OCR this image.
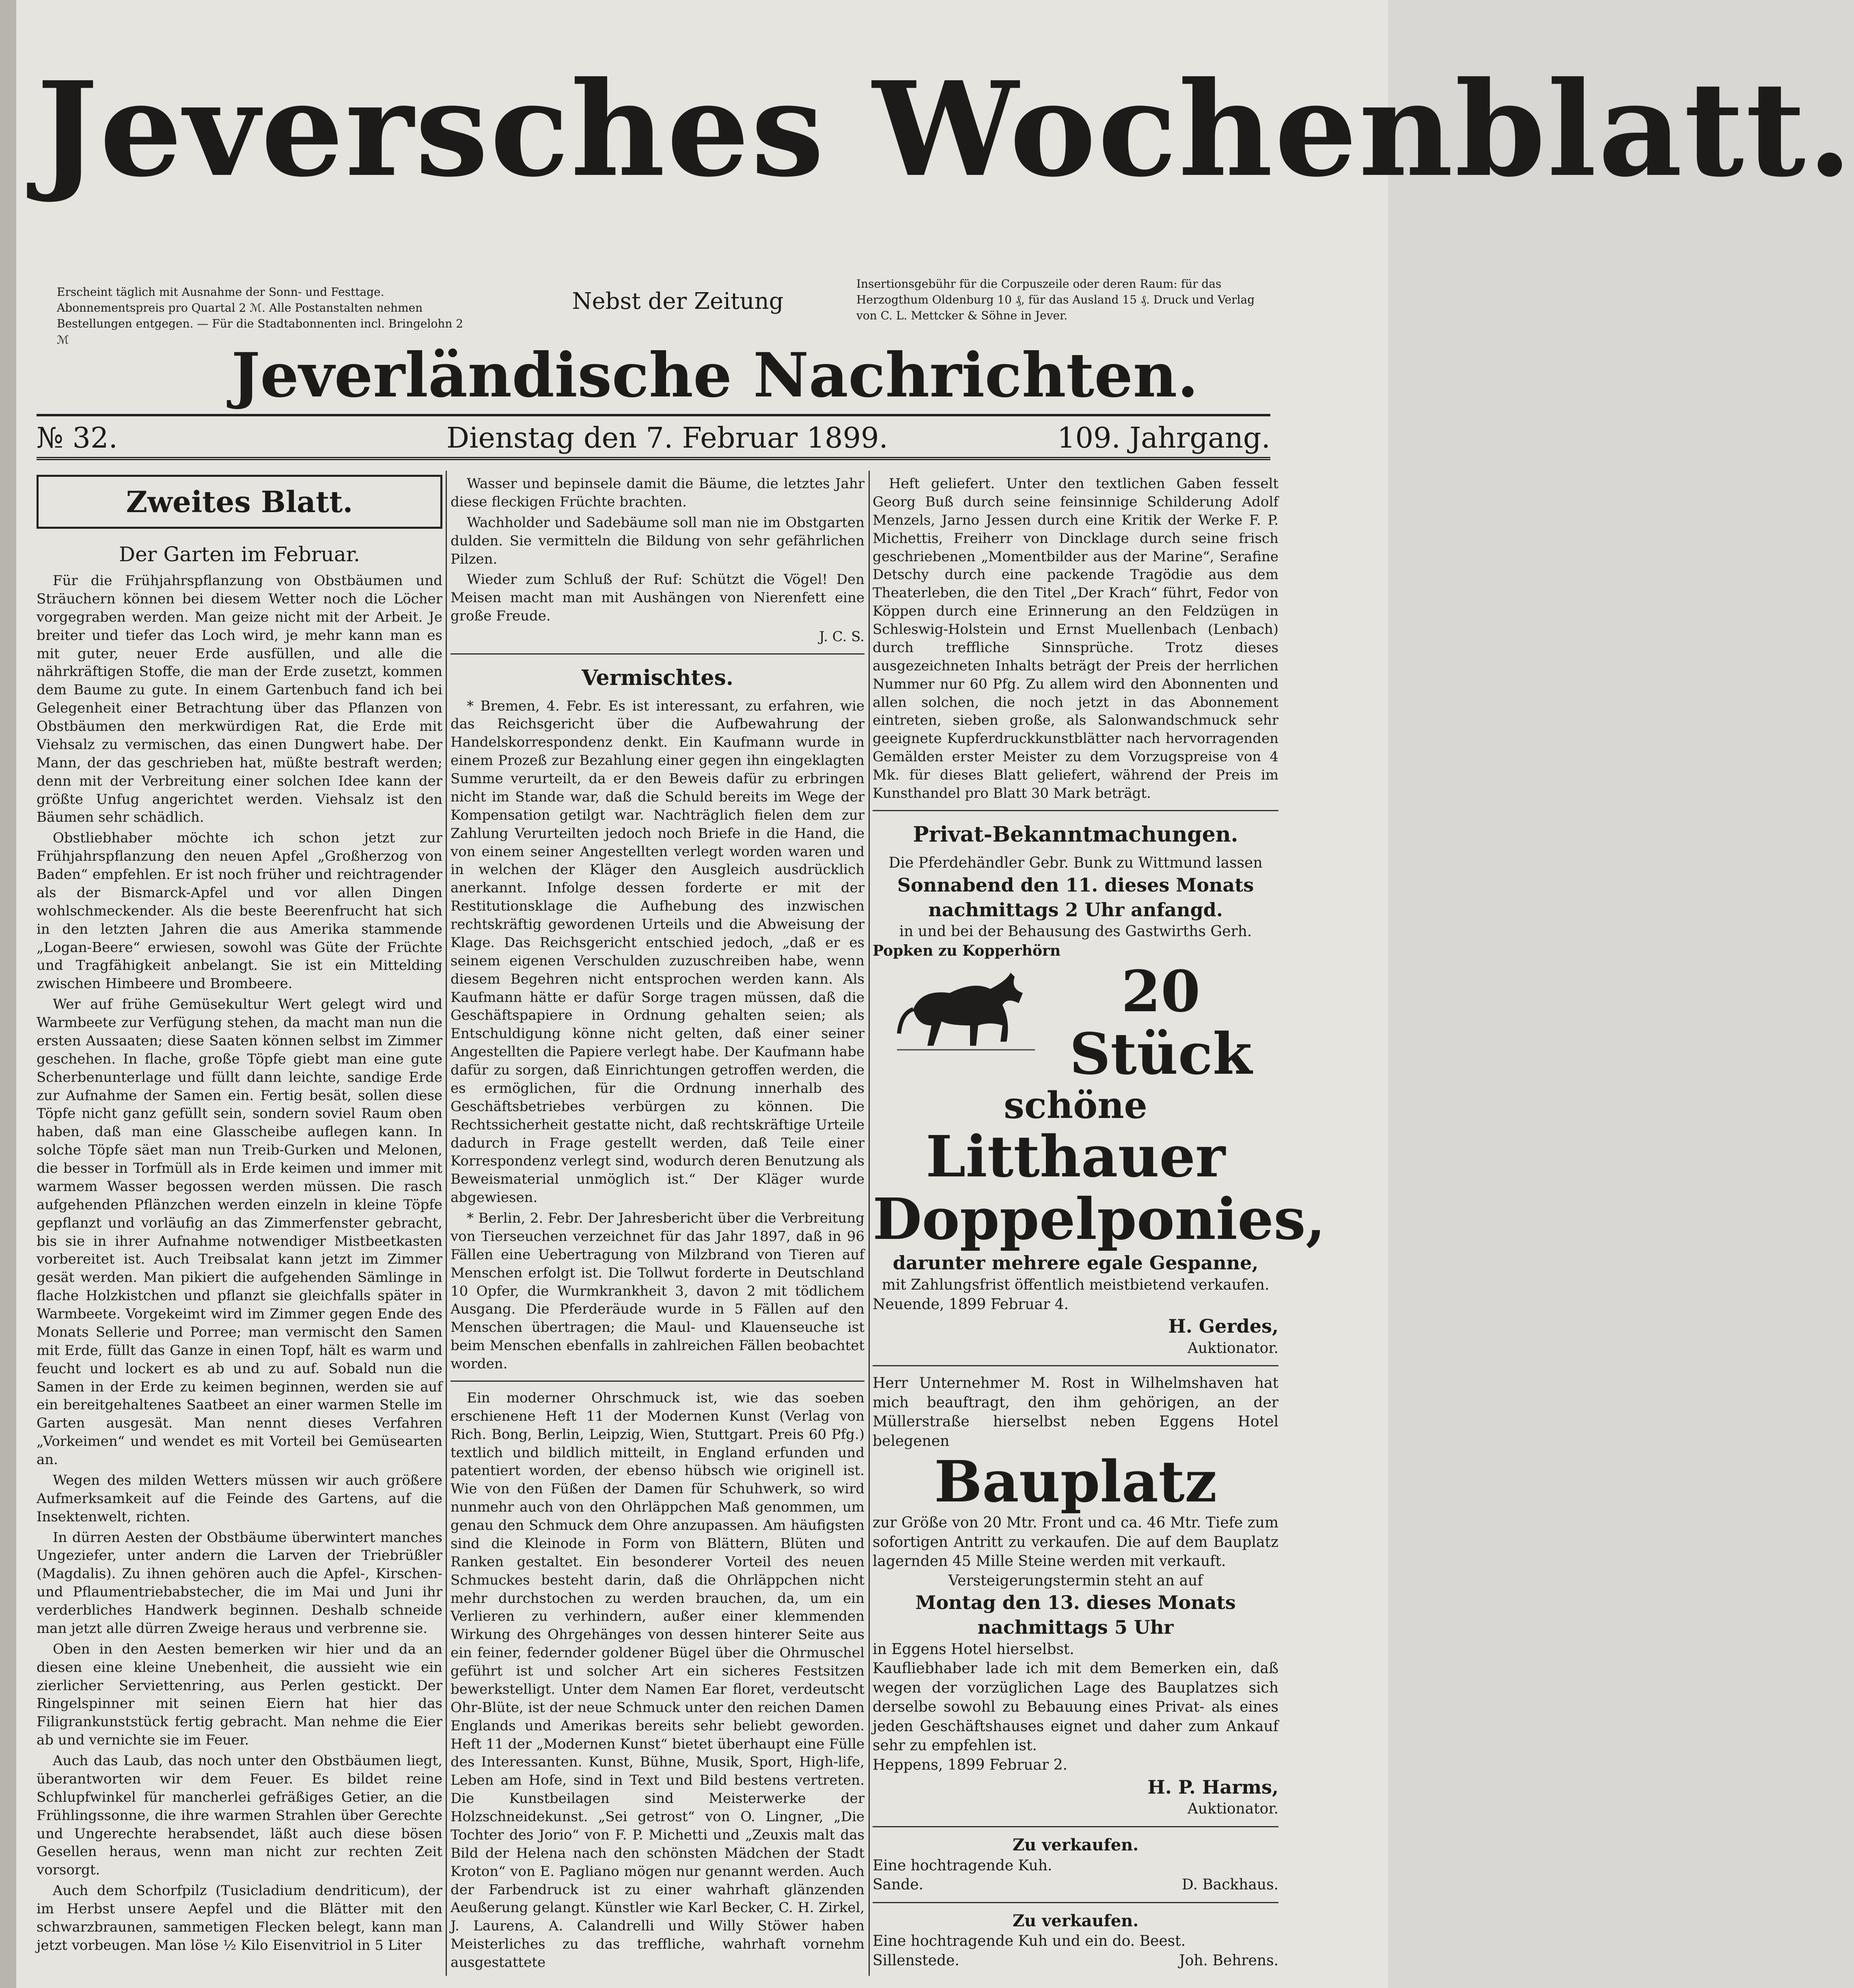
Jeversches Wochenblatt.
Erscheint täglich mit Ausnahme der Sonn- und Festtage. Abonnementspreis pro Quartal 2 ℳ. Alle Postanstalten nehmen Bestellungen entgegen. — Für die Stadtabonnenten incl. Bringelohn 2 ℳ
Nebst der Zeitung
Insertionsgebühr für die Corpuszeile oder deren Raum: für das Herzogthum Oldenburg 10 ₰, für das Ausland 15 ₰. Druck und Verlag von C. L. Mettcker & Söhne in Jever.
Jeverländische Nachrichten.
№ 32.	Dienstag den 7. Februar 1899.	109. Jahrgang.
Zweites Blatt.
Der Garten im Februar.

Für die Frühjahrspflanzung von Obstbäumen und Sträuchern können bei diesem Wetter noch die Löcher vorgegraben werden. Man geize nicht mit der Arbeit. Je breiter und tiefer das Loch wird, je mehr kann man es mit guter, neuer Erde ausfüllen, und alle die nährkräftigen Stoffe, die man der Erde zusetzt, kommen dem Baume zu gute. In einem Gartenbuch fand ich bei Gelegenheit einer Betrachtung über das Pflanzen von Obstbäumen den merkwürdigen Rat, die Erde mit Viehsalz zu vermischen, das einen Dungwert habe. Der Mann, der das geschrieben hat, müßte bestraft werden; denn mit der Verbreitung einer solchen Idee kann der größte Unfug angerichtet werden. Viehsalz ist den Bäumen sehr schädlich.

Obstliebhaber möchte ich schon jetzt zur Frühjahrspflanzung den neuen Apfel „Großherzog von Baden“ empfehlen. Er ist noch früher und reichtragender als der Bismarck-Apfel und vor allen Dingen wohlschmeckender. Als die beste Beerenfrucht hat sich in den letzten Jahren die aus Amerika stammende „Logan-Beere“ erwiesen, sowohl was Güte der Früchte und Tragfähigkeit anbelangt. Sie ist ein Mittelding zwischen Himbeere und Brombeere.

Wer auf frühe Gemüsekultur Wert gelegt wird und Warmbeete zur Verfügung stehen, da macht man nun die ersten Aussaaten; diese Saaten können selbst im Zimmer geschehen. In flache, große Töpfe giebt man eine gute Scherbenunterlage und füllt dann leichte, sandige Erde zur Aufnahme der Samen ein. Fertig besät, sollen diese Töpfe nicht ganz gefüllt sein, sondern soviel Raum oben haben, daß man eine Glasscheibe auflegen kann. In solche Töpfe säet man nun Treib-Gurken und Melonen, die besser in Torfmüll als in Erde keimen und immer mit warmem Wasser begossen werden müssen. Die rasch aufgehenden Pflänzchen werden einzeln in kleine Töpfe gepflanzt und vorläufig an das Zimmerfenster gebracht, bis sie in ihrer Aufnahme notwendiger Mistbeetkasten vorbereitet ist. Auch Treibsalat kann jetzt im Zimmer gesät werden. Man pikiert die aufgehenden Sämlinge in flache Holzkistchen und pflanzt sie gleichfalls später in Warmbeete. Vorgekeimt wird im Zimmer gegen Ende des Monats Sellerie und Porree; man vermischt den Samen mit Erde, füllt das Ganze in einen Topf, hält es warm und feucht und lockert es ab und zu auf. Sobald nun die Samen in der Erde zu keimen beginnen, werden sie auf ein bereitgehaltenes Saatbeet an einer warmen Stelle im Garten ausgesät. Man nennt dieses Verfahren „Vorkeimen“ und wendet es mit Vorteil bei Gemüsearten an.

Wegen des milden Wetters müssen wir auch größere Aufmerksamkeit auf die Feinde des Gartens, auf die Insektenwelt, richten.

In dürren Aesten der Obstbäume überwintert manches Ungeziefer, unter andern die Larven der Triebrüßler (Magdalis). Zu ihnen gehören auch die Apfel-, Kirschen- und Pflaumentriebabstecher, die im Mai und Juni ihr verderbliches Handwerk beginnen. Deshalb schneide man jetzt alle dürren Zweige heraus und verbrenne sie.

Oben in den Aesten bemerken wir hier und da an diesen eine kleine Unebenheit, die aussieht wie ein zierlicher Serviettenring, aus Perlen gestickt. Der Ringelspinner mit seinen Eiern hat hier das Filigrankunststück fertig gebracht. Man nehme die Eier ab und vernichte sie im Feuer.

Auch das Laub, das noch unter den Obstbäumen liegt, überantworten wir dem Feuer. Es bildet reine Schlupfwinkel für mancherlei gefräßiges Getier, an die Frühlingssonne, die ihre warmen Strahlen über Gerechte und Ungerechte herabsendet, läßt auch diese bösen Gesellen heraus, wenn man nicht zur rechten Zeit vorsorgt.

Auch dem Schorfpilz (Tusicladium dendriticum), der im Herbst unsere Aepfel und die Blätter mit den schwarzbraunen, sammetigen Flecken belegt, kann man jetzt vorbeugen. Man löse ½ Kilo Eisenvitriol in 5 Liter

Wasser und bepinsele damit die Bäume, die letztes Jahr diese fleckigen Früchte brachten.

Wachholder und Sadebäume soll man nie im Obstgarten dulden. Sie vermitteln die Bildung von sehr gefährlichen Pilzen.

Wieder zum Schluß der Ruf: Schützt die Vögel! Den Meisen macht man mit Aushängen von Nierenfett eine große Freude.

J. C. S.
Vermischtes.

* Bremen, 4. Febr. Es ist interessant, zu erfahren, wie das Reichsgericht über die Aufbewahrung der Handelskorrespondenz denkt. Ein Kaufmann wurde in einem Prozeß zur Bezahlung einer gegen ihn eingeklagten Summe verurteilt, da er den Beweis dafür zu erbringen nicht im Stande war, daß die Schuld bereits im Wege der Kompensation getilgt war. Nachträglich fielen dem zur Zahlung Verurteilten jedoch noch Briefe in die Hand, die von einem seiner Angestellten verlegt worden waren und in welchen der Kläger den Ausgleich ausdrücklich anerkannt. Infolge dessen forderte er mit der Restitutionsklage die Aufhebung des inzwischen rechtskräftig gewordenen Urteils und die Abweisung der Klage. Das Reichsgericht entschied jedoch, „daß er es seinem eigenen Verschulden zuzuschreiben habe, wenn diesem Begehren nicht entsprochen werden kann. Als Kaufmann hätte er dafür Sorge tragen müssen, daß die Geschäftspapiere in Ordnung gehalten seien; als Entschuldigung könne nicht gelten, daß einer seiner Angestellten die Papiere verlegt habe. Der Kaufmann habe dafür zu sorgen, daß Einrichtungen getroffen werden, die es ermöglichen, für die Ordnung innerhalb des Geschäftsbetriebes verbürgen zu können. Die Rechtssicherheit gestatte nicht, daß rechtskräftige Urteile dadurch in Frage gestellt werden, daß Teile einer Korrespondenz verlegt sind, wodurch deren Benutzung als Beweismaterial unmöglich ist.“ Der Kläger wurde abgewiesen.

* Berlin, 2. Febr. Der Jahresbericht über die Verbreitung von Tierseuchen verzeichnet für das Jahr 1897, daß in 96 Fällen eine Uebertragung von Milzbrand von Tieren auf Menschen erfolgt ist. Die Tollwut forderte in Deutschland 10 Opfer, die Wurmkrankheit 3, davon 2 mit tödlichem Ausgang. Die Pferderäude wurde in 5 Fällen auf den Menschen übertragen; die Maul- und Klauenseuche ist beim Menschen ebenfalls in zahlreichen Fällen beobachtet worden.

Ein moderner Ohrschmuck ist, wie das soeben erschienene Heft 11 der Modernen Kunst (Verlag von Rich. Bong, Berlin, Leipzig, Wien, Stuttgart. Preis 60 Pfg.) textlich und bildlich mitteilt, in England erfunden und patentiert worden, der ebenso hübsch wie originell ist. Wie von den Füßen der Damen für Schuhwerk, so wird nunmehr auch von den Ohrläppchen Maß genommen, um genau den Schmuck dem Ohre anzupassen. Am häufigsten sind die Kleinode in Form von Blättern, Blüten und Ranken gestaltet. Ein besonderer Vorteil des neuen Schmuckes besteht darin, daß die Ohrläppchen nicht mehr durchstochen zu werden brauchen, da, um ein Verlieren zu verhindern, außer einer klemmenden Wirkung des Ohrgehänges von dessen hinterer Seite aus ein feiner, federnder goldener Bügel über die Ohrmuschel geführt ist und solcher Art ein sicheres Festsitzen bewerkstelligt. Unter dem Namen Ear floret, verdeutscht Ohr-Blüte, ist der neue Schmuck unter den reichen Damen Englands und Amerikas bereits sehr beliebt geworden. Heft 11 der „Modernen Kunst“ bietet überhaupt eine Fülle des Interessanten. Kunst, Bühne, Musik, Sport, High-life, Leben am Hofe, sind in Text und Bild bestens vertreten. Die Kunstbeilagen sind Meisterwerke der Holzschneidekunst. „Sei getrost“ von O. Lingner, „Die Tochter des Jorio“ von F. P. Michetti und „Zeuxis malt das Bild der Helena nach den schönsten Mädchen der Stadt Kroton“ von E. Pagliano mögen nur genannt werden. Auch der Farbendruck ist zu einer wahrhaft glänzenden Aeußerung gelangt. Künstler wie Karl Becker, C. H. Zirkel, J. Laurens, A. Calandrelli und Willy Stöwer haben Meisterliches zu das treffliche, wahrhaft vornehm ausgestattete

Heft geliefert. Unter den textlichen Gaben fesselt Georg Buß durch seine feinsinnige Schilderung Adolf Menzels, Jarno Jessen durch eine Kritik der Werke F. P. Michettis, Freiherr von Dincklage durch seine frisch geschriebenen „Momentbilder aus der Marine“, Serafine Detschy durch eine packende Tragödie aus dem Theaterleben, die den Titel „Der Krach“ führt, Fedor von Köppen durch eine Erinnerung an den Feldzügen in Schleswig-Holstein und Ernst Muellenbach (Lenbach) durch treffliche Sinnsprüche. Trotz dieses ausgezeichneten Inhalts beträgt der Preis der herrlichen Nummer nur 60 Pfg. Zu allem wird den Abonnenten und allen solchen, die noch jetzt in das Abonnement eintreten, sieben große, als Salonwandschmuck sehr geeignete Kupferdruckkunstblätter nach hervorragenden Gemälden erster Meister zu dem Vorzugspreise von 4 Mk. für dieses Blatt geliefert, während der Preis im Kunsthandel pro Blatt 30 Mark beträgt.

Privat-Bekanntmachungen.
Die Pferdehändler Gebr. Bunk zu Wittmund lassen
Sonnabend den 11. dieses Monats
nachmittags 2 Uhr anfangd.
in und bei der Behausung des Gastwirths Gerh.
Popken zu Kopperhörn
20 Stück
schöne
Litthauer
Doppelponies,
darunter mehrere egale Gespanne,
mit Zahlungsfrist öffentlich meistbietend verkaufen.
Neuende, 1899 Februar 4.
H. Gerdes,
Auktionator.
Herr Unternehmer M. Rost in Wilhelmshaven hat mich beauftragt, den ihm gehörigen, an der Müllerstraße hierselbst neben Eggens Hotel belegenen
Bauplatz
zur Größe von 20 Mtr. Front und ca. 46 Mtr. Tiefe zum sofortigen Antritt zu verkaufen. Die auf dem Bauplatz lagernden 45 Mille Steine werden mit verkauft.
Versteigerungstermin steht an auf
Montag den 13. dieses Monats
nachmittags 5 Uhr
in Eggens Hotel hierselbst.
Kaufliebhaber lade ich mit dem Bemerken ein, daß wegen der vorzüglichen Lage des Bauplatzes sich derselbe sowohl zu Bebauung eines Privat- als eines jeden Geschäftshauses eignet und daher zum Ankauf sehr zu empfehlen ist.
Heppens, 1899 Februar 2.
H. P. Harms,
Auktionator.
Zu verkaufen.
Eine hochtragende Kuh.
Sande.	D. Backhaus.
Zu verkaufen.
Eine hochtragende Kuh und ein do. Beest.
Sillenstede.	Joh. Behrens.
